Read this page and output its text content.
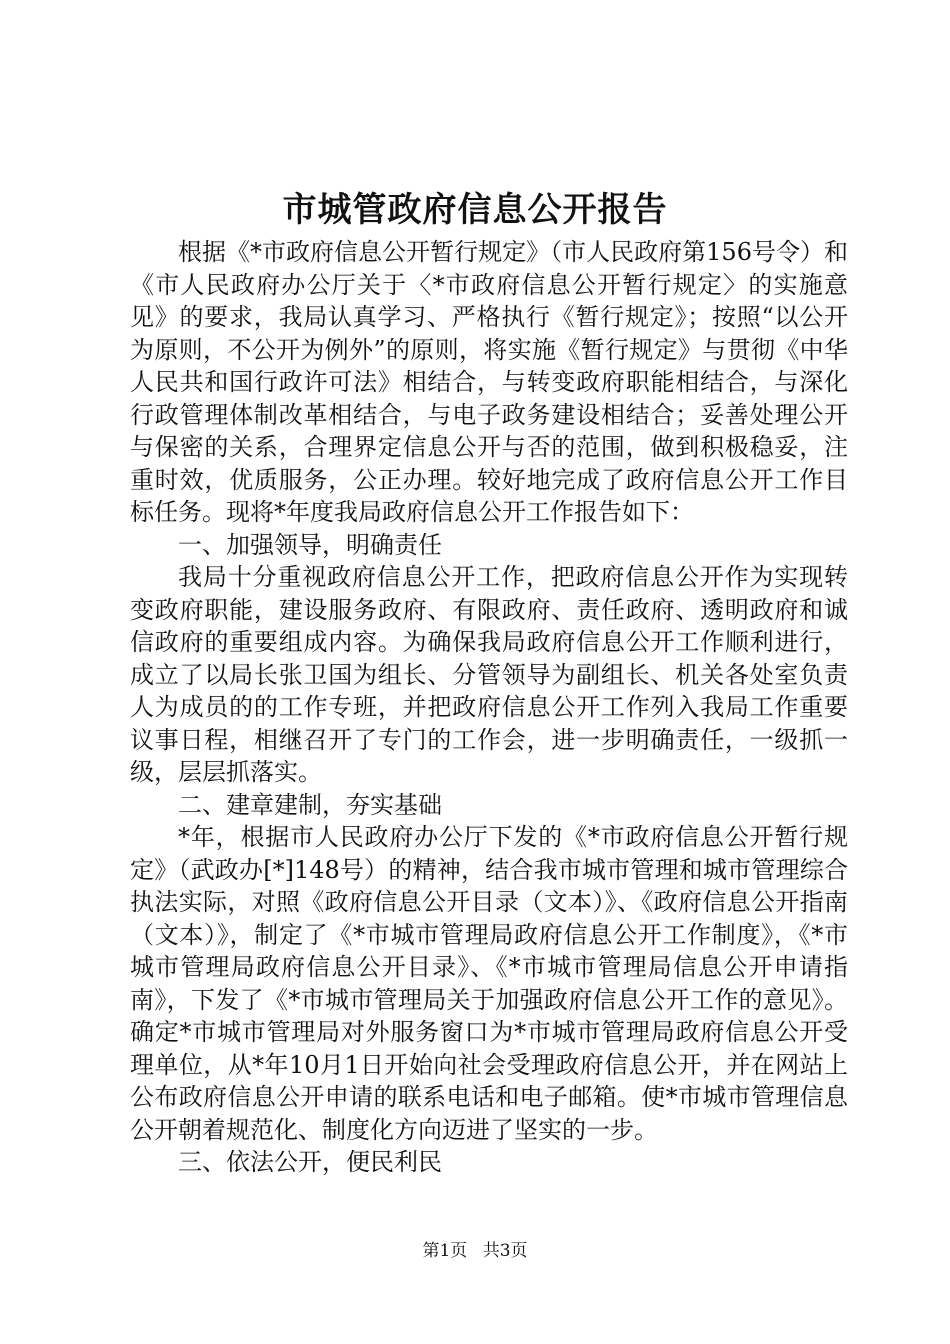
市城管政府信息公开报告

根据《*市政府信息公开暂行规定》（市人民政府第156号令）和《市人民政府办公厅关于〈*市政府信息公开暂行规定〉的实施意见》的要求，我局认真学习、严格执行《暂行规定》；按照“以公开为原则，不公开为例外”的原则，将实施《暂行规定》与贯彻《中华人民共和国行政许可法》相结合，与转变政府职能相结合，与深化行政管理体制改革相结合，与电子政务建设相结合；妥善处理公开与保密的关系，合理界定信息公开与否的范围，做到积极稳妥，注重时效，优质服务，公正办理。较好地完成了政府信息公开工作目标任务。现将*年度我局政府信息公开工作报告如下：

一、加强领导，明确责任

我局十分重视政府信息公开工作，把政府信息公开作为实现转变政府职能，建设服务政府、有限政府、责任政府、透明政府和诚信政府的重要组成内容。为确保我局政府信息公开工作顺利进行，成立了以局长张卫国为组长、分管领导为副组长、机关各处室负责人为成员的的工作专班，并把政府信息公开工作列入我局工作重要议事日程，相继召开了专门的工作会，进一步明确责任，一级抓一级，层层抓落实。

二、建章建制，夯实基础

*年，根据市人民政府办公厅下发的《*市政府信息公开暂行规定》（武政办[*]148号）的精神，结合我市城市管理和城市管理综合执法实际，对照《政府信息公开目录（文本）》、《政府信息公开指南（文本）》，制定了《*市城市管理局政府信息公开工作制度》，《*市城市管理局政府信息公开目录》、《*市城市管理局信息公开申请指南》，下发了《*市城市管理局关于加强政府信息公开工作的意见》。确定*市城市管理局对外服务窗口为*市城市管理局政府信息公开受理单位，从*年10月1日开始向社会受理政府信息公开，并在网站上公布政府信息公开申请的联系电话和电子邮箱。使*市城市管理信息公开朝着规范化、制度化方向迈进了坚实的一步。

三、依法公开，便民利民

第1页 共3页
